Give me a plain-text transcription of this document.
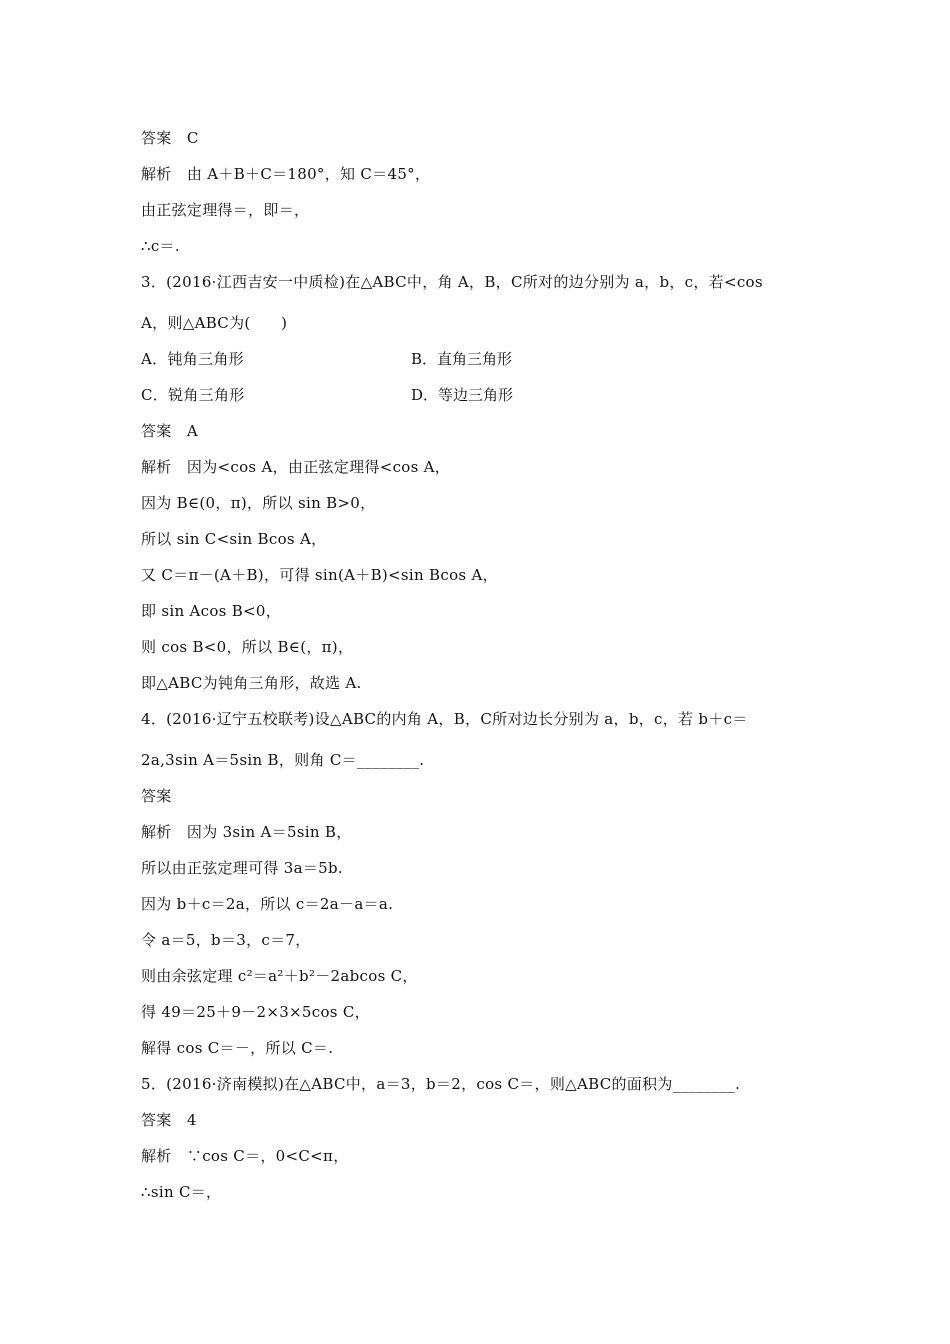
答案　C
解析　由 A＋B＋C＝180°，知 C＝45°，
由正弦定理得＝，即＝，
∴c＝.
3．(2016·江西吉安一中质检)在△ABC中，角 A，B，C所对的边分别为 a，b，c，若<cos
A，则△ABC为(　　)
A．钝角三角形	B．直角三角形
C．锐角三角形	D．等边三角形
答案　A
解析　因为<cos A，由正弦定理得<cos A，
因为 B∈(0，π)，所以 sin B>0，
所以 sin C<sin Bcos A，
又 C＝π－(A＋B)，可得 sin(A＋B)<sin Bcos A，
即 sin Acos B<0，
则 cos B<0，所以 B∈(，π)，
即△ABC为钝角三角形，故选 A.
4．(2016·辽宁五校联考)设△ABC的内角 A，B，C所对边长分别为 a，b，c，若 b＋c＝
2a,3sin A＝5sin B，则角 C＝________.
答案
解析　因为 3sin A＝5sin B，
所以由正弦定理可得 3a＝5b.
因为 b＋c＝2a，所以 c＝2a－a＝a.
令 a＝5，b＝3，c＝7，
则由余弦定理 c²＝a²＋b²－2abcos C，
得 49＝25＋9－2×3×5cos C，
解得 cos C＝－，所以 C＝.
5．(2016·济南模拟)在△ABC中，a＝3，b＝2，cos C＝，则△ABC的面积为________.
答案　4
解析　∵cos C＝，0<C<π，
∴sin C＝，
